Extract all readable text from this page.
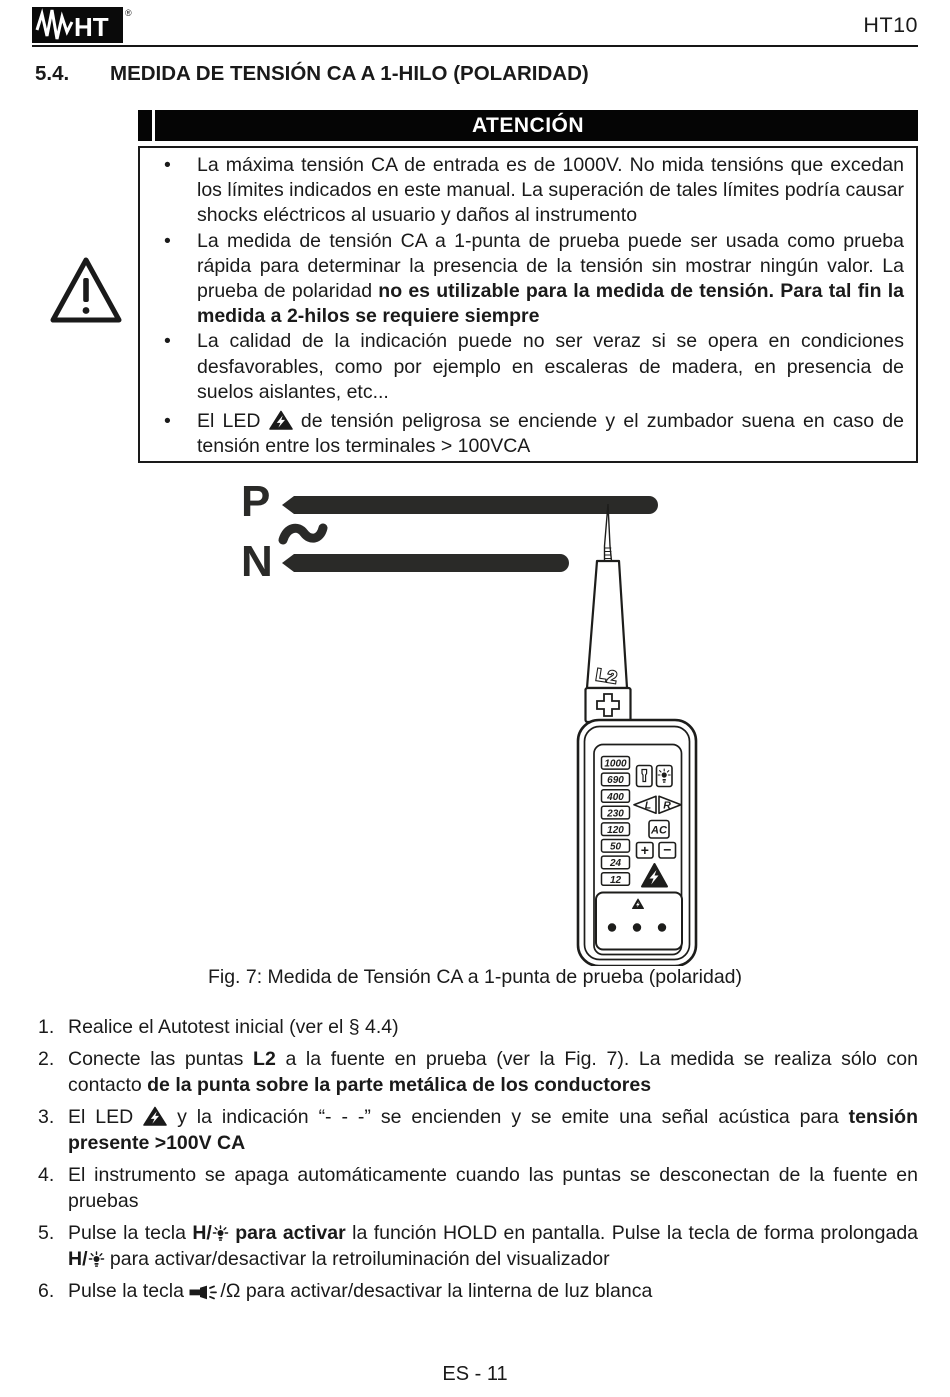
HT ®	HT10
5.4. MEDIDA DE TENSIÓN CA A 1-HILO (POLARIDAD)
ATENCIÓN
• La máxima tensión CA de entrada es de 1000V. No mida tensións que excedan los límites indicados en este manual. La superación de tales límites podría causar shocks eléctricos al usuario y daños al instrumento
• La medida de tensión CA a 1-punta de prueba puede ser usada como prueba rápida para determinar la presencia de la tensión sin mostrar ningún valor. La prueba de polaridad no es utilizable para la medida de tensión. Para tal fin la medida a 2-hilos se requiere siempre
• La calidad de la indicación puede no ser veraz si se opera en condiciones desfavorables, como por ejemplo en escaleras de madera, en presencia de suelos aislantes, etc...
• El LED  de tensión peligrosa se enciende y el zumbador suena en caso de tensión entre los terminales > 100VCA
P
N
L2
1000
690
400
230
120
50
24
12
L R
AC
+ −
Fig. 7: Medida de Tensión CA a 1-punta de prueba (polaridad)
1. Realice el Autotest inicial (ver el § 4.4)
2. Conecte las puntas L2 a la fuente en prueba (ver la Fig. 7). La medida se realiza sólo con contacto de la punta sobre la parte metálica de los conductores
3. El LED  y la indicación “- - -” se encienden y se emite una señal acústica para tensión presente >100V CA
4. El instrumento se apaga automáticamente cuando las puntas se desconectan de la fuente en pruebas
5. Pulse la tecla H/ para activar la función HOLD en pantalla. Pulse la tecla de forma prolongada H/ para activar/desactivar la retroiluminación del visualizador
6. Pulse la tecla /Ω para activar/desactivar la linterna de luz blanca
ES - 11
